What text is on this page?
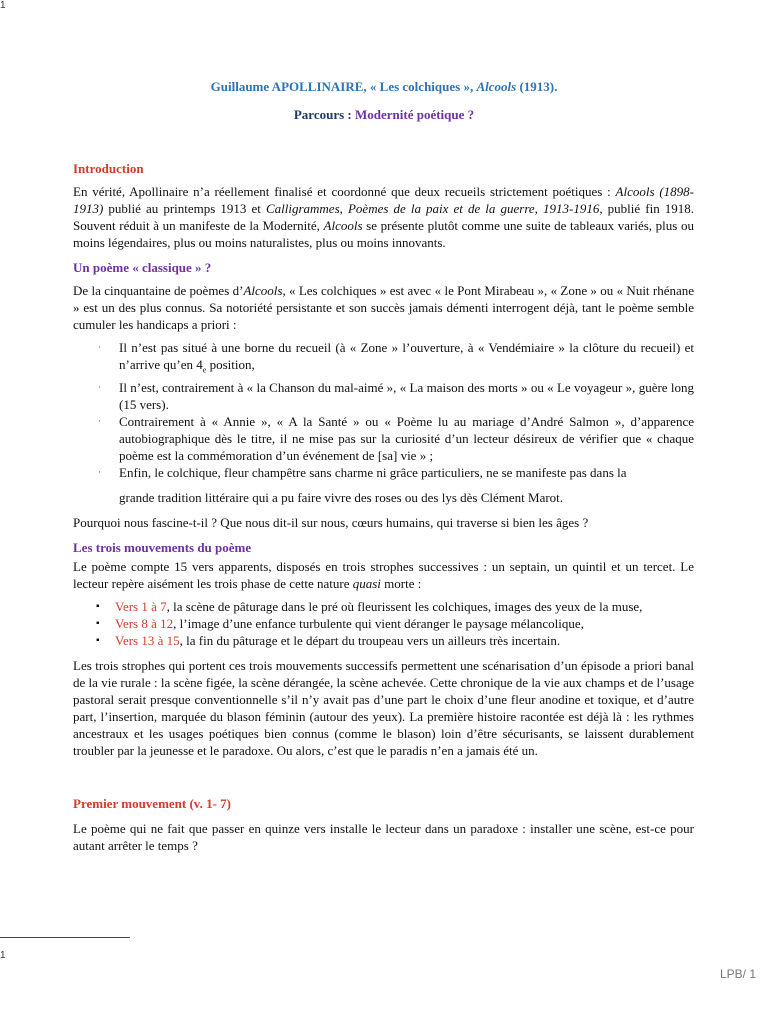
1
Guillaume APOLLINAIRE, « Les colchiques », Alcools (1913).
Parcours : Modernité poétique ?
Introduction

En vérité, Apollinaire n’a réellement finalisé et coordonné que deux recueils strictement poétiques : Alcools (1898-1913) publié au printemps 1913 et Calligrammes, Poèmes de la paix et de la guerre, 1913-1916, publié fin 1918. Souvent réduit à un manifeste de la Modernité, Alcools se présente plutôt comme une suite de tableaux variés, plus ou moins légendaires, plus ou moins naturalistes, plus ou moins innovants.

Un poème « classique » ?

De la cinquantaine de poèmes d’Alcools, « Les colchiques » est avec « le Pont Mirabeau », « Zone » ou « Nuit rhénane » est un des plus connus. Sa notoriété persistante et son succès jamais démenti interrogent déjà, tant le poème semble cumuler les handicaps a priori :

· Il n’est pas situé à une borne du recueil (à « Zone » l’ouverture, à « Vendémiaire » la clôture du recueil) et n’arrive qu’en $4_e$ position,
· Il n’est, contrairement à « la Chanson du mal-aimé », « La maison des morts » ou « Le voyageur », guère long (15 vers).
· Contrairement à « Annie », « A la Santé » ou « Poème lu au mariage d’André Salmon », d’apparence autobiographique dès le titre, il ne mise pas sur la curiosité d’un lecteur désireux de vérifier que « chaque poème est la commémoration d’un événement de [sa] vie » ;
· Enfin, le colchique, fleur champêtre sans charme ni grâce particuliers, ne se manifeste pas dans la

grande tradition littéraire qui a pu faire vivre des roses ou des lys dès Clément Marot.

Pourquoi nous fascine-t-il ? Que nous dit-il sur nous, cœurs humains, qui traverse si bien les âges ?

Les trois mouvements du poème

Le poème compte 15 vers apparents, disposés en trois strophes successives : un septain, un quintil et un tercet. Le lecteur repère aisément les trois phase de cette nature quasi morte :

▪ Vers 1 à 7, la scène de pâturage dans le pré où fleurissent les colchiques, images des yeux de la muse,
▪ Vers 8 à 12, l’image d’une enfance turbulente qui vient déranger le paysage mélancolique,
▪ Vers 13 à 15, la fin du pâturage et le départ du troupeau vers un ailleurs très incertain.

Les trois strophes qui portent ces trois mouvements successifs permettent une scénarisation d’un épisode a priori banal de la vie rurale : la scène figée, la scène dérangée, la scène achevée. Cette chronique de la vie aux champs et de l’usage pastoral serait presque conventionnelle s’il n’y avait pas d’une part le choix d’une fleur anodine et toxique, et d’autre part, l’insertion, marquée du blason féminin (autour des yeux). La première histoire racontée est déjà là : les rythmes ancestraux et les usages poétiques bien connus (comme le blason) loin d’être sécurisants, se laissent durablement troubler par la jeunesse et le paradoxe. Ou alors, c’est que le paradis n’en a jamais été un.

Premier mouvement (v. 1- 7)

Le poème qui ne fait que passer en quinze vers installe le lecteur dans un paradoxe : installer une scène, est-ce pour autant arrêter le temps ?

1
LPB/ 1
